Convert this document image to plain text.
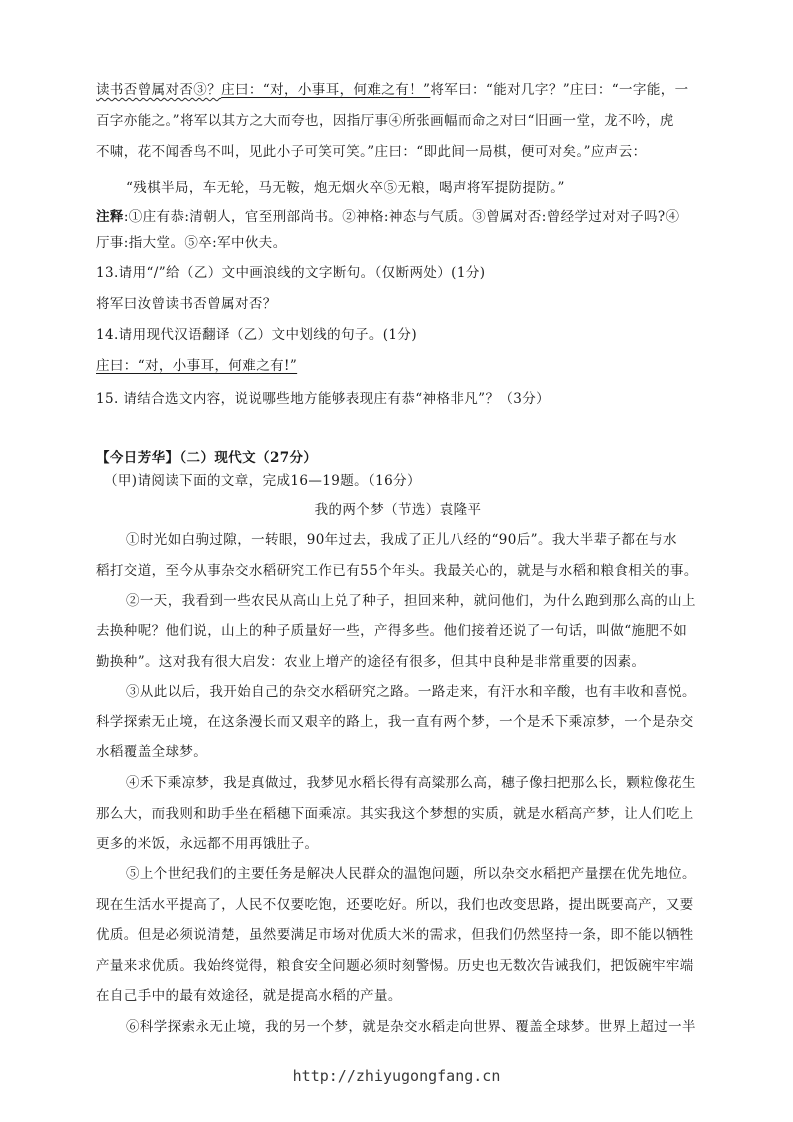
读书否曾属对否③？庄曰：“对，小事耳，何难之有！”将军曰：“能对几字？”庄曰：“一字能，一
百字亦能之。”将军以其方之大而夸也，因指厅事④所张画幅而命之对曰“旧画一堂，龙不吟，虎
不啸，花不闻香鸟不叫，见此小子可笑可笑。”庄曰：“即此间一局棋，便可对矣。”应声云：
“残棋半局，车无轮，马无鞍，炮无烟火卒⑤无粮，喝声将军提防提防。”
注释:①庄有恭:清朝人，官至刑部尚书。②神格:神态与气质。③曾属对否:曾经学过对对子吗?④
厅事:指大堂。⑤卒:军中伙夫。
13.请用“/”给（乙）文中画浪线的文字断句。（仅断两处）(1分)
将军曰汝曾读书否曾属对否？
14.请用现代汉语翻译（乙）文中划线的句子。(1分)
庄曰：“对，小事耳，何难之有!”
15. 请结合选文内容，说说哪些地方能够表现庄有恭“神格非凡”？（3分）
【今日芳华】（二）现代文（27分）
（甲)请阅读下面的文章，完成16—19题。（16分）
我的两个梦（节选）袁隆平
①时光如白驹过隙，一转眼，90年过去，我成了正儿八经的“90后”。我大半辈子都在与水
稻打交道，至今从事杂交水稻研究工作已有55个年头。我最关心的，就是与水稻和粮食相关的事。
②一天，我看到一些农民从高山上兑了种子，担回来种，就问他们，为什么跑到那么高的山上
去换种呢？他们说，山上的种子质量好一些，产得多些。他们接着还说了一句话，叫做“施肥不如
勤换种”。这对我有很大启发：农业上增产的途径有很多，但其中良种是非常重要的因素。
③从此以后，我开始自己的杂交水稻研究之路。一路走来，有汗水和辛酸，也有丰收和喜悦。
科学探索无止境，在这条漫长而又艰辛的路上，我一直有两个梦，一个是禾下乘凉梦，一个是杂交
水稻覆盖全球梦。
④禾下乘凉梦，我是真做过，我梦见水稻长得有高粱那么高，穗子像扫把那么长，颗粒像花生
那么大，而我则和助手坐在稻穗下面乘凉。其实我这个梦想的实质，就是水稻高产梦，让人们吃上
更多的米饭，永远都不用再饿肚子。
⑤上个世纪我们的主要任务是解决人民群众的温饱问题，所以杂交水稻把产量摆在优先地位。
现在生活水平提高了，人民不仅要吃饱，还要吃好。所以，我们也改变思路，提出既要高产，又要
优质。但是必须说清楚，虽然要满足市场对优质大米的需求，但我们仍然坚持一条，即不能以牺牲
产量来求优质。我始终觉得，粮食安全问题必须时刻警惕。历史也无数次告诫我们，把饭碗牢牢端
在自己手中的最有效途径，就是提高水稻的产量。
⑥科学探索永无止境，我的另一个梦，就是杂交水稻走向世界、覆盖全球梦。世界上超过一半
http://zhiyugongfang.cn
